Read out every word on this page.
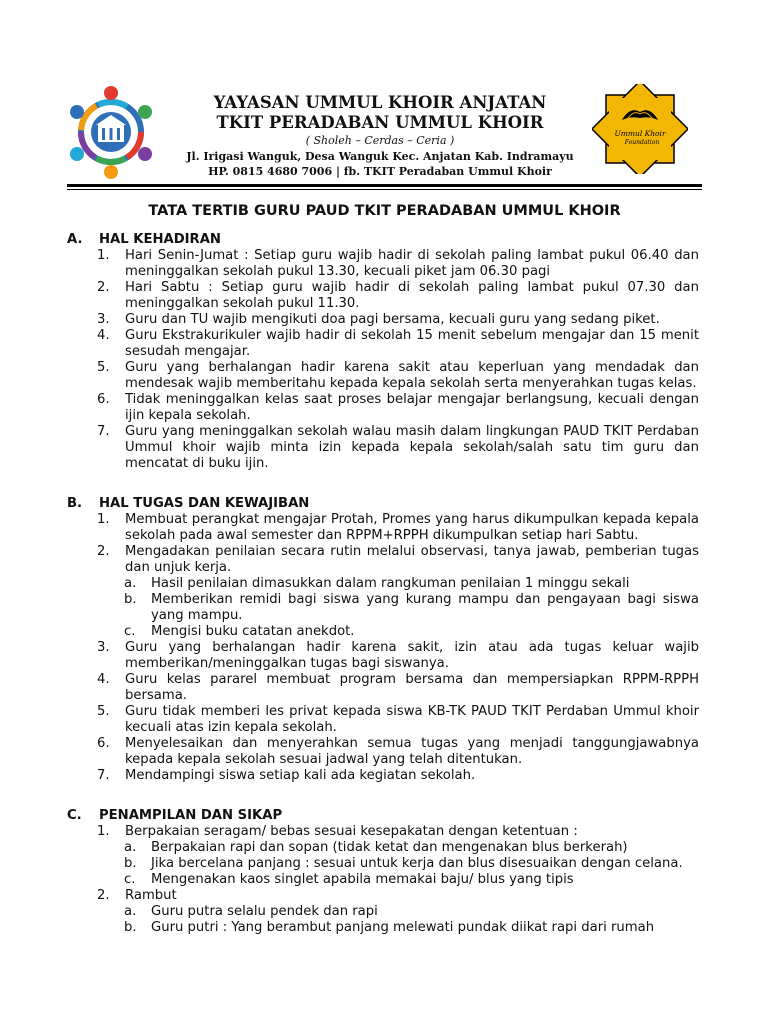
YAYASAN UMMUL KHOIR ANJATAN
TKIT PERADABAN UMMUL KHOIR
( Sholeh – Cerdas – Ceria )
Jl. Irigasi Wanguk, Desa Wanguk Kec. Anjatan Kab. Indramayu
HP. 0815 4680 7006 | fb. TKIT Peradaban Ummul Khoir
Ummul Khoir
Foundation
TATA TERTIB GURU PAUD TKIT PERADABAN UMMUL KHOIR
A. HAL KEHADIRAN
1. Hari Senin-Jumat : Setiap guru wajib hadir di sekolah paling lambat pukul 06.40 dan meninggalkan sekolah pukul 13.30, kecuali piket jam 06.30 pagi
2. Hari Sabtu : Setiap guru wajib hadir di sekolah paling lambat pukul 07.30 dan meninggalkan sekolah pukul 11.30.
3. Guru dan TU wajib mengikuti doa pagi bersama, kecuali guru yang sedang piket.
4. Guru Ekstrakurikuler wajib hadir di sekolah 15 menit sebelum mengajar dan 15 menit sesudah mengajar.
5. Guru yang berhalangan hadir karena sakit atau keperluan yang mendadak dan mendesak wajib memberitahu kepada kepala sekolah serta menyerahkan tugas kelas.
6. Tidak meninggalkan kelas saat proses belajar mengajar berlangsung, kecuali dengan ijin kepala sekolah.
7. Guru yang meninggalkan sekolah walau masih dalam lingkungan PAUD TKIT Perdaban Ummul khoir wajib minta izin kepada kepala sekolah/salah satu tim guru dan mencatat di buku ijin.
B. HAL TUGAS DAN KEWAJIBAN
1. Membuat perangkat mengajar Protah, Promes yang harus dikumpulkan kepada kepala sekolah pada awal semester dan RPPM+RPPH dikumpulkan setiap hari Sabtu.
2. Mengadakan penilaian secara rutin melalui observasi, tanya jawab, pemberian tugas dan unjuk kerja.
a. Hasil penilaian dimasukkan dalam rangkuman penilaian 1 minggu sekali
b. Memberikan remidi bagi siswa yang kurang mampu dan pengayaan bagi siswa yang mampu.
c. Mengisi buku catatan anekdot.
3. Guru yang berhalangan hadir karena sakit, izin atau ada tugas keluar wajib memberikan/meninggalkan tugas bagi siswanya.
4. Guru kelas pararel membuat program bersama dan mempersiapkan RPPM-RPPH bersama.
5. Guru tidak memberi les privat kepada siswa KB-TK PAUD TKIT Perdaban Ummul khoir kecuali atas izin kepala sekolah.
6. Menyelesaikan dan menyerahkan semua tugas yang menjadi tanggungjawabnya kepada kepala sekolah sesuai jadwal yang telah ditentukan.
7. Mendampingi siswa setiap kali ada kegiatan sekolah.
C. PENAMPILAN DAN SIKAP
1. Berpakaian seragam/ bebas sesuai kesepakatan dengan ketentuan :
a. Berpakaian rapi dan sopan (tidak ketat dan mengenakan blus berkerah)
b. Jika bercelana panjang : sesuai untuk kerja dan blus disesuaikan dengan celana.
c. Mengenakan kaos singlet apabila memakai baju/ blus yang tipis
2. Rambut
a. Guru putra selalu pendek dan rapi
b. Guru putri : Yang berambut panjang melewati pundak diikat rapi dari rumah
